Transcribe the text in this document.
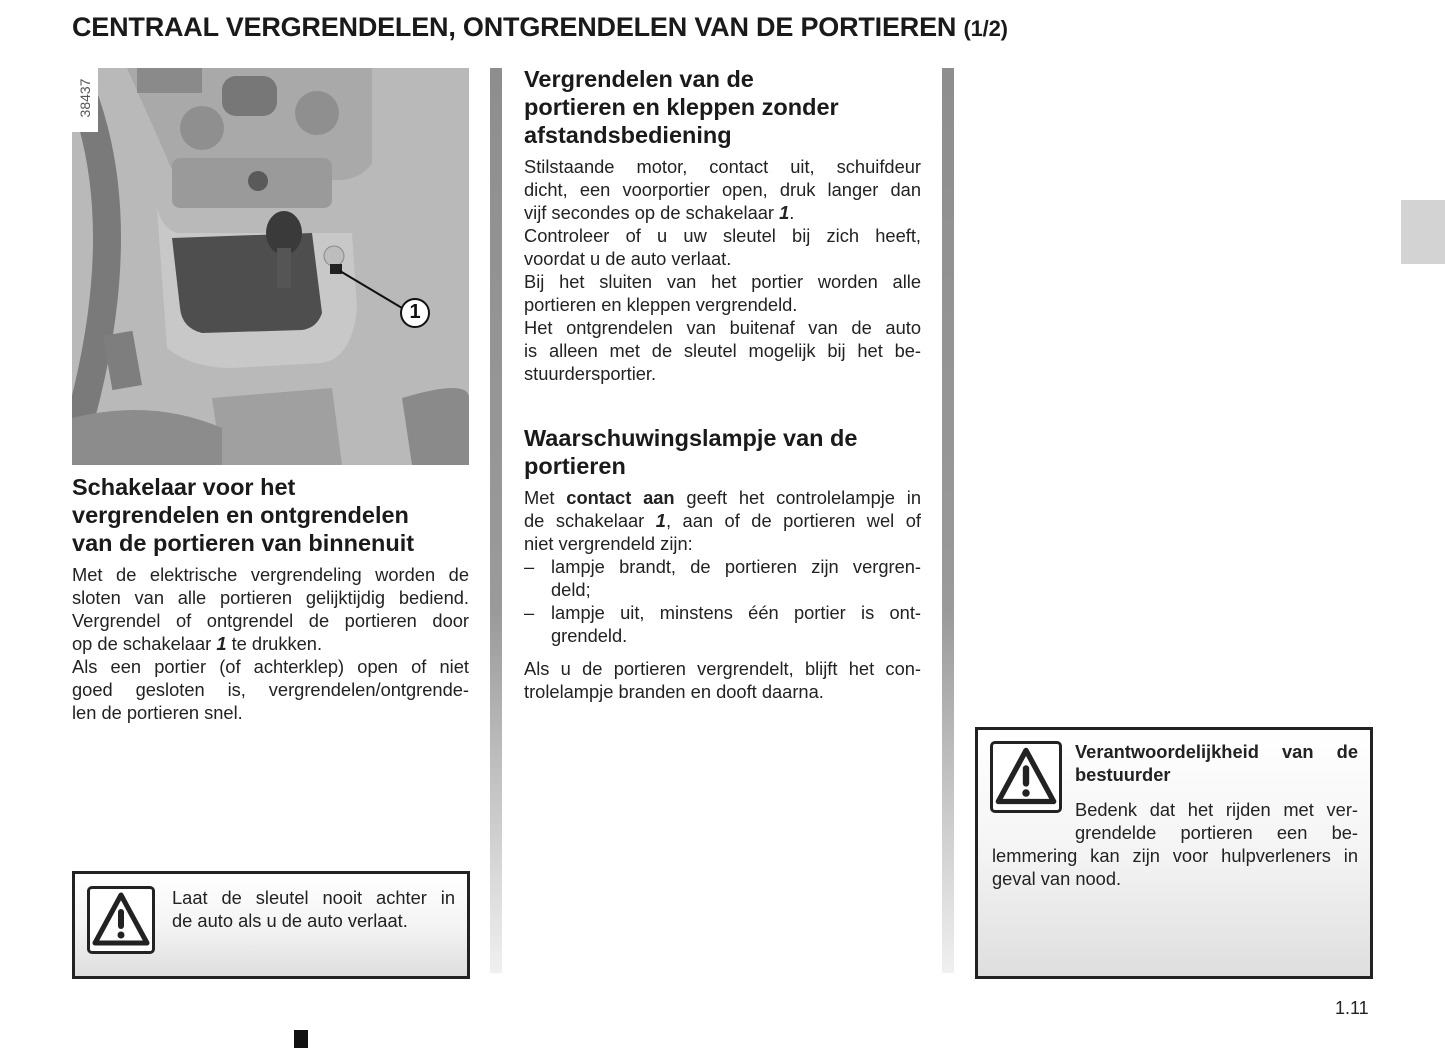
CENTRAAL VERGRENDELEN, ONTGRENDELEN VAN DE PORTIEREN (1/2)
38437
1
Schakelaar voor het
vergrendelen en ontgrendelen
van de portieren van binnenuit
Met de elektrische vergrendeling worden de
sloten van alle portieren gelijktijdig bediend.
Vergrendel of ontgrendel de portieren door
op de schakelaar 1 te drukken.
Als een portier (of achterklep) open of niet
goed gesloten is, vergrendelen/ontgrende-
len de portieren snel.
Laat de sleutel nooit achter in
de auto als u de auto verlaat.
Vergrendelen van de
portieren en kleppen zonder
afstandsbediening
Stilstaande motor, contact uit, schuifdeur
dicht, een voorportier open, druk langer dan
vijf secondes op de schakelaar 1.
Controleer of u uw sleutel bij zich heeft,
voordat u de auto verlaat.
Bij het sluiten van het portier worden alle
portieren en kleppen vergrendeld.
Het ontgrendelen van buitenaf van de auto
is alleen met de sleutel mogelijk bij het be-
stuurdersportier.
Waarschuwingslampje van de
portieren
Met contact aan geeft het controlelampje in
de schakelaar 1, aan of de portieren wel of
niet vergrendeld zijn:
– lampje brandt, de portieren zijn vergren-
deld;
– lampje uit, minstens één portier is ont-
grendeld.
Als u de portieren vergrendelt, blijft het con-
trolelampje branden en dooft daarna.
Verantwoordelijkheid van de
bestuurder
Bedenk dat het rijden met ver-
grendelde portieren een be-
lemmering kan zijn voor hulpverleners in
geval van nood.
1.11
